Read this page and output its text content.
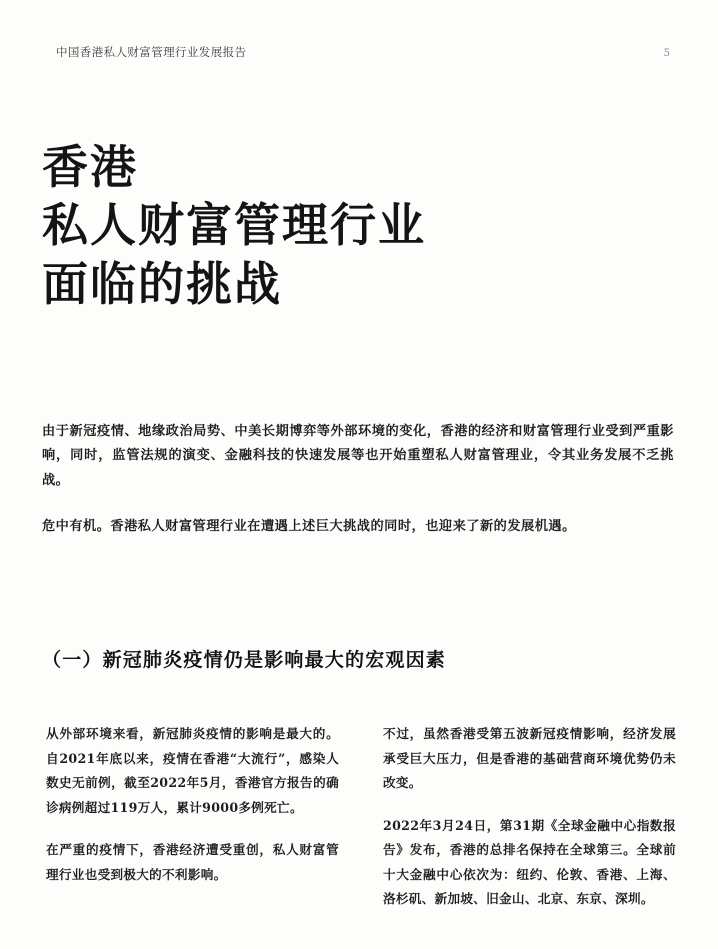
中国香港私人财富管理行业发展报告	5
香港
私人财富管理行业
面临的挑战

由于新冠疫情、地缘政治局势、中美长期博弈等外部环境的变化，香港的经济和财富管理行业受到严重影响，同时，监管法规的演变、金融科技的快速发展等也开始重塑私人财富管理业，令其业务发展不乏挑战。

危中有机。香港私人财富管理行业在遭遇上述巨大挑战的同时，也迎来了新的发展机遇。

（一）新冠肺炎疫情仍是影响最大的宏观因素

从外部环境来看，新冠肺炎疫情的影响是最大的。自2021年底以来，疫情在香港“大流行”，感染人数史无前例，截至2022年5月，香港官方报告的确诊病例超过119万人，累计9000多例死亡。

在严重的疫情下，香港经济遭受重创，私人财富管理行业也受到极大的不利影响。

不过，虽然香港受第五波新冠疫情影响，经济发展承受巨大压力，但是香港的基础营商环境优势仍未改变。

2022年3月24日，第31期《全球金融中心指数报告》发布，香港的总排名保持在全球第三。全球前十大金融中心依次为：纽约、伦敦、香港、上海、洛杉矶、新加坡、旧金山、北京、东京、深圳。
